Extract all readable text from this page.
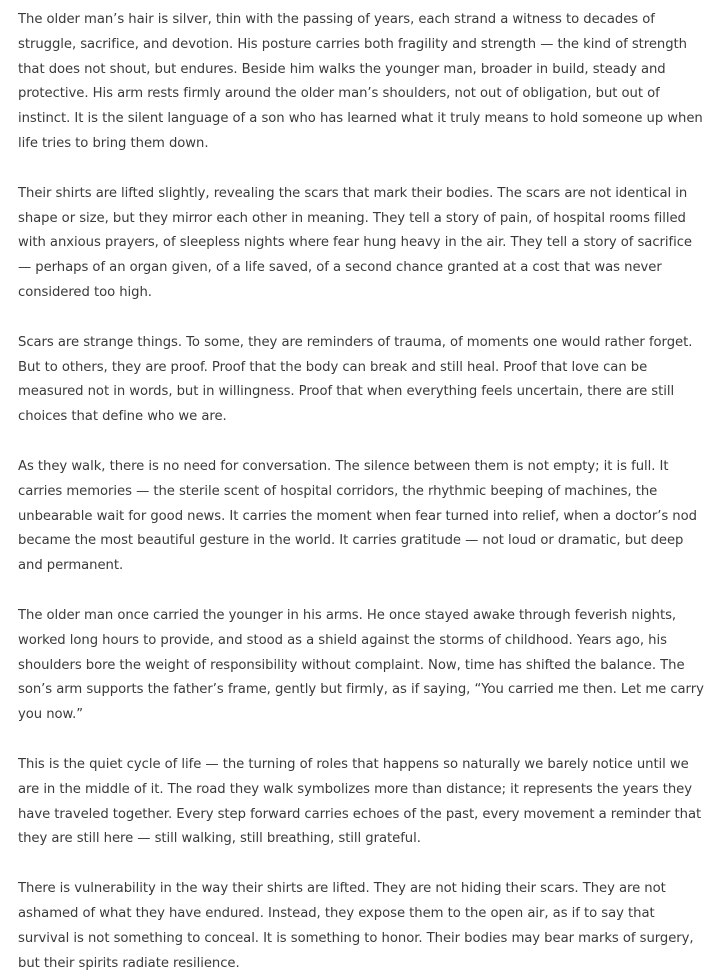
The older man’s hair is silver, thin with the passing of years, each strand a witness to decades of struggle, sacrifice, and devotion. His posture carries both fragility and strength — the kind of strength that does not shout, but endures. Beside him walks the younger man, broader in build, steady and protective. His arm rests firmly around the older man’s shoulders, not out of obligation, but out of instinct. It is the silent language of a son who has learned what it truly means to hold someone up when life tries to bring them down.

Their shirts are lifted slightly, revealing the scars that mark their bodies. The scars are not identical in shape or size, but they mirror each other in meaning. They tell a story of pain, of hospital rooms filled with anxious prayers, of sleepless nights where fear hung heavy in the air. They tell a story of sacrifice — perhaps of an organ given, of a life saved, of a second chance granted at a cost that was never considered too high.

Scars are strange things. To some, they are reminders of trauma, of moments one would rather forget. But to others, they are proof. Proof that the body can break and still heal. Proof that love can be measured not in words, but in willingness. Proof that when everything feels uncertain, there are still choices that define who we are.

As they walk, there is no need for conversation. The silence between them is not empty; it is full. It carries memories — the sterile scent of hospital corridors, the rhythmic beeping of machines, the unbearable wait for good news. It carries the moment when fear turned into relief, when a doctor’s nod became the most beautiful gesture in the world. It carries gratitude — not loud or dramatic, but deep and permanent.

The older man once carried the younger in his arms. He once stayed awake through feverish nights, worked long hours to provide, and stood as a shield against the storms of childhood. Years ago, his shoulders bore the weight of responsibility without complaint. Now, time has shifted the balance. The son’s arm supports the father’s frame, gently but firmly, as if saying, “You carried me then. Let me carry you now.”

This is the quiet cycle of life — the turning of roles that happens so naturally we barely notice until we are in the middle of it. The road they walk symbolizes more than distance; it represents the years they have traveled together. Every step forward carries echoes of the past, every movement a reminder that they are still here — still walking, still breathing, still grateful.

There is vulnerability in the way their shirts are lifted. They are not hiding their scars. They are not ashamed of what they have endured. Instead, they expose them to the open air, as if to say that survival is not something to conceal. It is something to honor. Their bodies may bear marks of surgery, but their spirits radiate resilience.
